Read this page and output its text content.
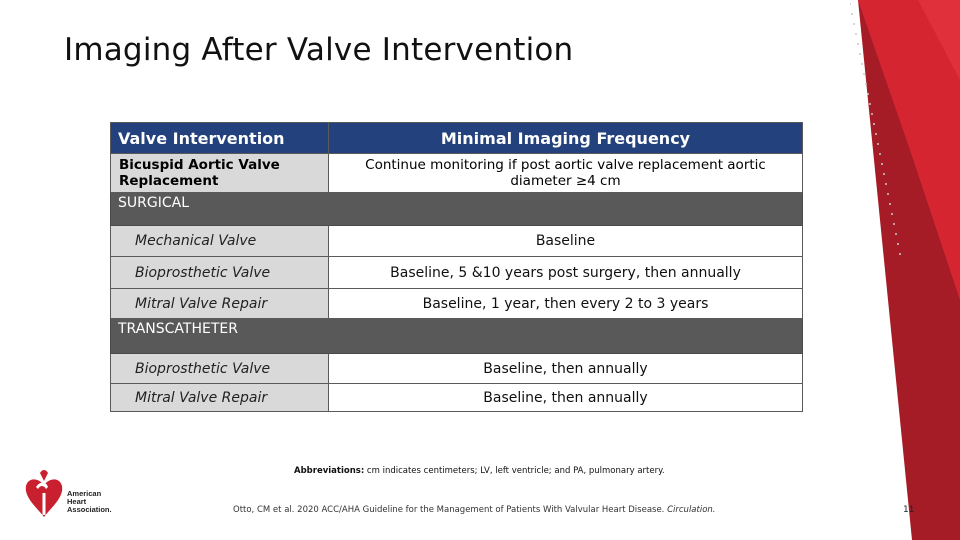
Imaging After Valve Intervention
Valve Intervention	Minimal Imaging Frequency
Bicuspid Aortic Valve Replacement	Continue monitoring if post aortic valve replacement aortic diameter ≥4 cm
SURGICAL	
Mechanical Valve	Baseline
Bioprosthetic Valve	Baseline, 5 &10 years post surgery, then annually
Mitral Valve Repair	Baseline, 1 year, then every 2 to 3 years
TRANSCATHETER	
Bioprosthetic Valve	Baseline, then annually
Mitral Valve Repair	Baseline, then annually
Abbreviations: cm indicates centimeters; LV, left ventricle; and PA, pulmonary artery.
Otto, CM et al. 2020 ACC/AHA Guideline for the Management of Patients With Valvular Heart Disease. Circulation.	11
American
Heart
Association.
